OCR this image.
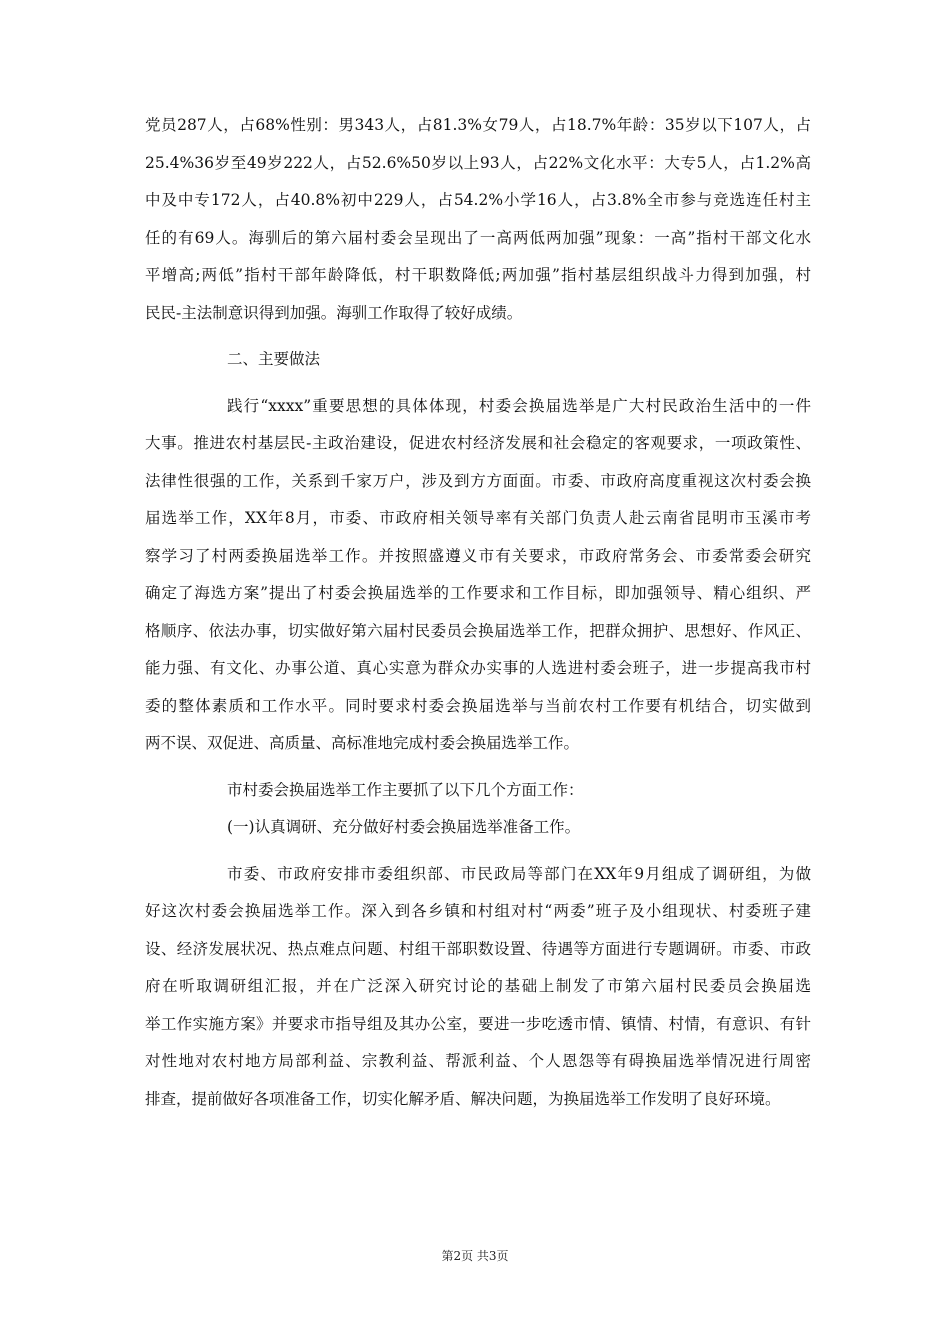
党员287人，占68%性别：男343人，占81.3%女79人，占18.7%年龄：35岁以下107人，占
25.4%36岁至49岁222人，占52.6%50岁以上93人，占22%文化水平：大专5人，占1.2%高
中及中专172人，占40.8%初中229人，占54.2%小学16人，占3.8%全市参与竞选连任村主
任的有69人。海驯后的第六届村委会呈现出了一高两低两加强”现象：一高”指村干部文化水
平增高;两低”指村干部年龄降低，村干职数降低;两加强”指村基层组织战斗力得到加强，村
民民-主法制意识得到加强。海驯工作取得了较好成绩。
二、主要做法
践行“xxxx”重要思想的具体体现，村委会换届选举是广大村民政治生活中的一件
大事。推进农村基层民-主政治建设，促进农村经济发展和社会稳定的客观要求，一项政策性、
法律性很强的工作，关系到千家万户，涉及到方方面面。市委、市政府高度重视这次村委会换
届选举工作，XX年8月，市委、市政府相关领导率有关部门负责人赴云南省昆明市玉溪市考
察学习了村两委换届选举工作。并按照盛遵义市有关要求，市政府常务会、市委常委会研究
确定了海选方案”提出了村委会换届选举的工作要求和工作目标，即加强领导、精心组织、严
格顺序、依法办事，切实做好第六届村民委员会换届选举工作，把群众拥护、思想好、作风正、
能力强、有文化、办事公道、真心实意为群众办实事的人选进村委会班子，进一步提高我市村
委的整体素质和工作水平。同时要求村委会换届选举与当前农村工作要有机结合，切实做到
两不误、双促进、高质量、高标准地完成村委会换届选举工作。
市村委会换届选举工作主要抓了以下几个方面工作：
(一)认真调研、充分做好村委会换届选举准备工作。
市委、市政府安排市委组织部、市民政局等部门在XX年9月组成了调研组，为做
好这次村委会换届选举工作。深入到各乡镇和村组对村“两委”班子及小组现状、村委班子建
设、经济发展状况、热点难点问题、村组干部职数设置、待遇等方面进行专题调研。市委、市政
府在听取调研组汇报，并在广泛深入研究讨论的基础上制发了市第六届村民委员会换届选
举工作实施方案》并要求市指导组及其办公室，要进一步吃透市情、镇情、村情，有意识、有针
对性地对农村地方局部利益、宗教利益、帮派利益、个人恩怨等有碍换届选举情况进行周密
排查，提前做好各项准备工作，切实化解矛盾、解决问题，为换届选举工作发明了良好环境。
第2页 共3页
